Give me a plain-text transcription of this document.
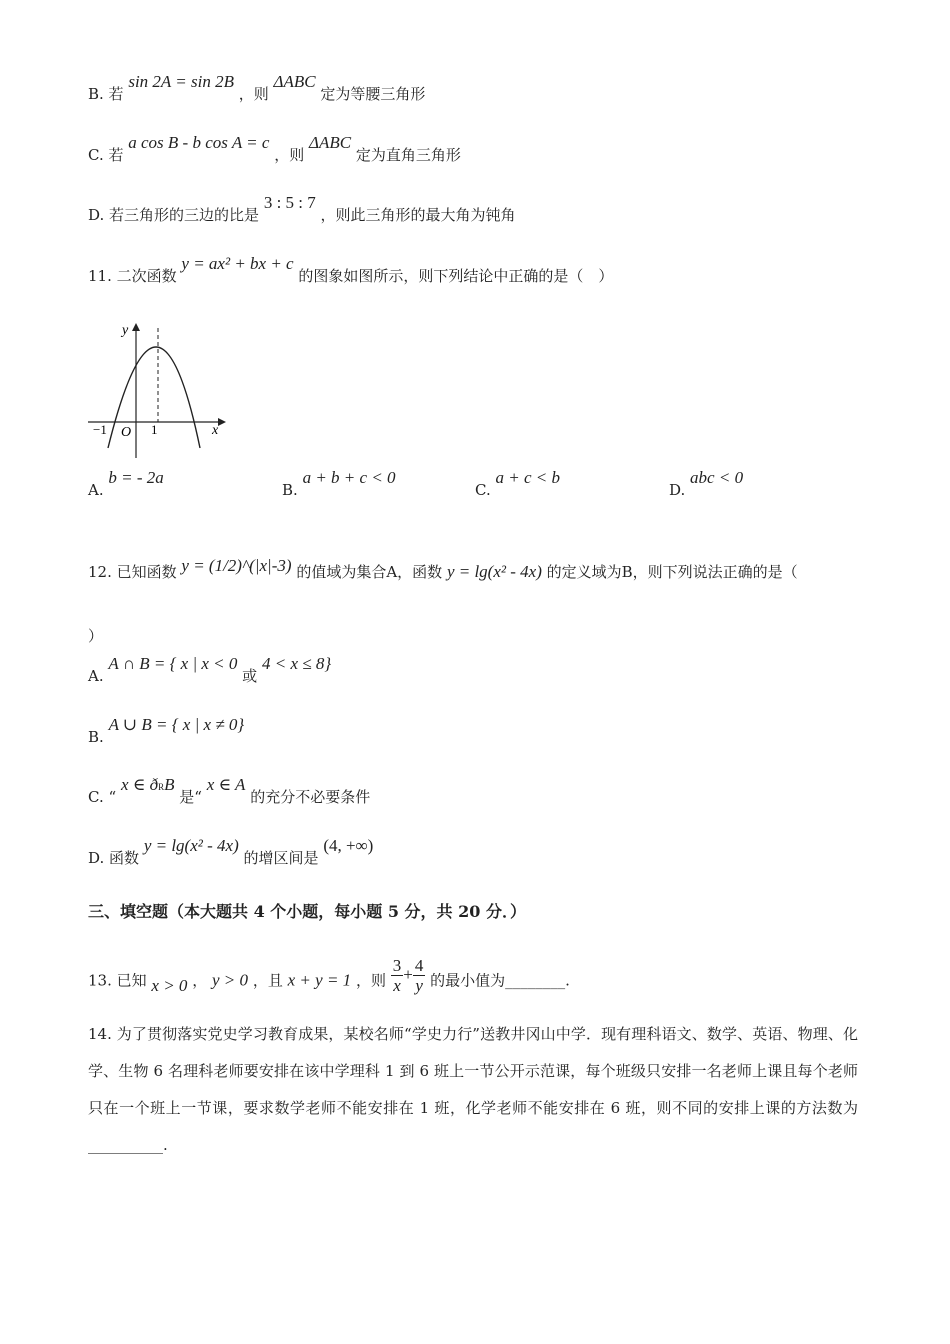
B. 若 sin 2A = sin 2B ，则 ΔABC 定为等腰三角形
C. 若 a cos B - b cos A = c ，则 ΔABC 定为直角三角形
D. 若三角形的三边的比是 3 : 5 : 7 ，则此三角形的最大角为钝角
11. 二次函数 y = ax² + bx + c 的图象如图所示，则下列结论中正确的是（　）
y
x
−1 O 1
A. b = - 2a
B. a + b + c < 0
C. a + c < b
D. abc < 0
12. 已知函数 y = (1/2)^(|x|-3) 的值域为集合A，函数 y = lg(x² - 4x) 的定义域为B，则下列说法正确的是（
）
A. A ∩ B = { x | x < 0 或 4 < x ≤ 8}
B. A ∪ B = { x | x ≠ 0}
C. “ x ∈ $ð^RB$ 是“ x ∈ A 的充分不必要条件
D. 函数 y = lg(x² - 4x) 的增区间是 (4, +∞)
三、填空题（本大题共 4 个小题，每小题 5 分，共 20 分．）
13. 已知 x > 0 ， y > 0 ，且 x + y = 1 ，则 $\frac{3}{x} + \frac{4}{y}$ 的最小值为________.
14. 为了贯彻落实党史学习教育成果，某校名师“学史力行”送教井冈山中学．现有理科语文、数学、英语、物理、化学、生物 6 名理科老师要安排在该中学理科 1 到 6 班上一节公开示范课，每个班级只安排一名老师上课且每个老师只在一个班上一节课，要求数学老师不能安排在 1 班，化学老师不能安排在 6 班，则不同的安排上课的方法数为__________.
